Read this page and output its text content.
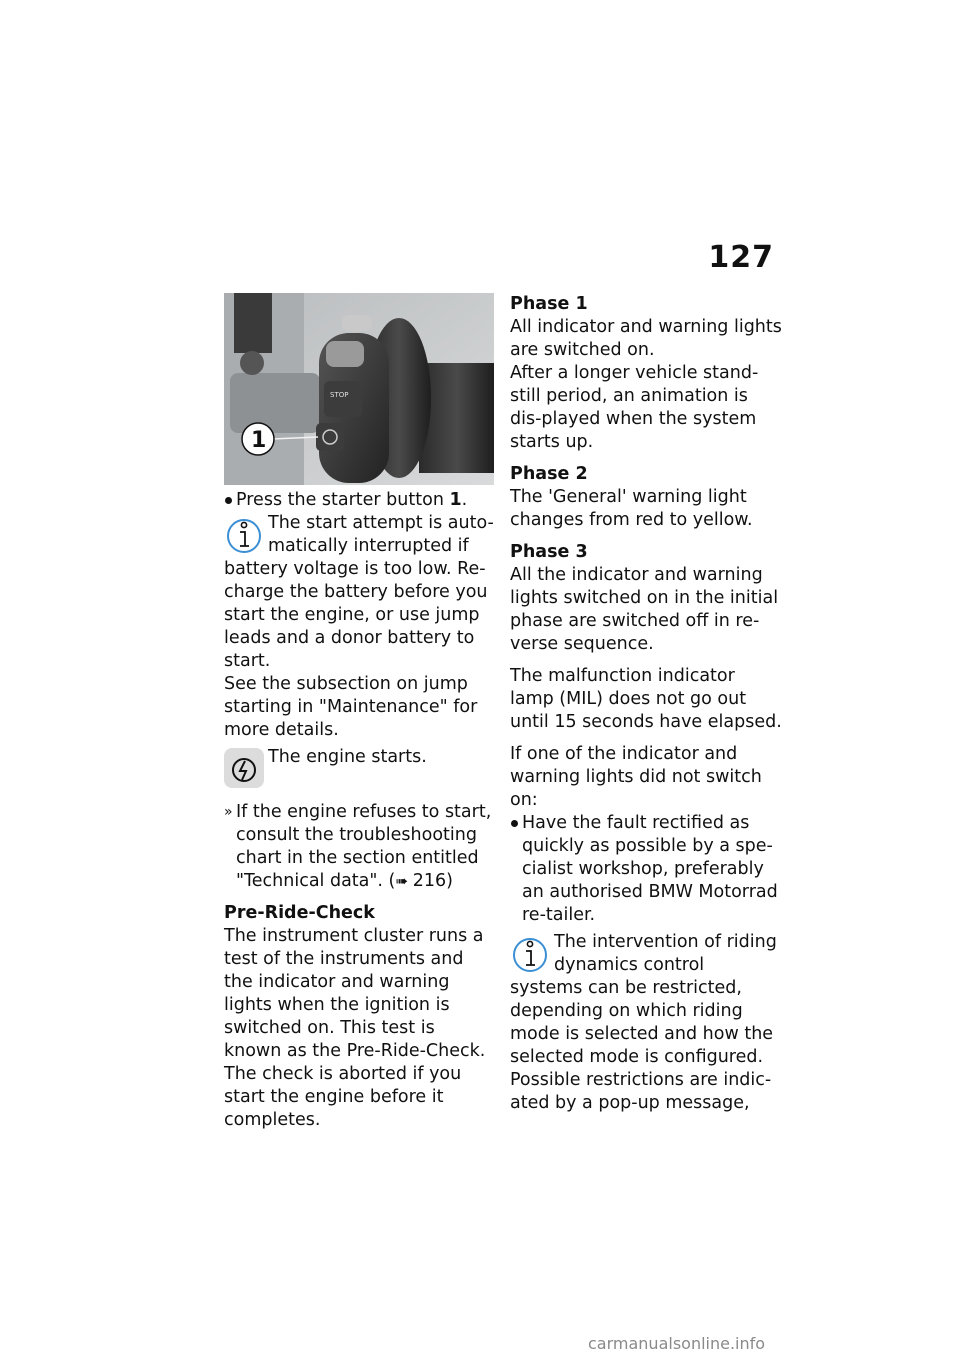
127
STOP
1
Press the starter button 1.

The start attempt is auto-matically interrupted if battery voltage is too low. Re-charge the battery before you start the engine, or use jump leads and a donor battery to start.

See the subsection on jump starting in "Maintenance" for more details.

The engine starts.

» If the engine refuses to start, consult the troubleshooting chart in the section entitled "Technical data". (➠ 216)

Pre-Ride-Check

The instrument cluster runs a test of the instruments and the indicator and warning lights when the ignition is switched on. This test is known as the Pre-Ride-Check. The check is aborted if you start the engine before it completes.

Phase 1

All indicator and warning lights are switched on.

After a longer vehicle stand-still period, an animation is dis-played when the system starts up.

Phase 2

The 'General' warning light changes from red to yellow.

Phase 3

All the indicator and warning lights switched on in the initial phase are switched off in re-verse sequence.

The malfunction indicator lamp (MIL) does not go out until 15 seconds have elapsed.

If one of the indicator and warning lights did not switch on:

Have the fault rectified as quickly as possible by a spe-cialist workshop, preferably an authorised BMW Motorrad re-tailer.

The intervention of riding dynamics control systems can be restricted, depending on which riding mode is selected and how the selected mode is configured.

Possible restrictions are indic-ated by a pop-up message,

carmanualsonline.info
